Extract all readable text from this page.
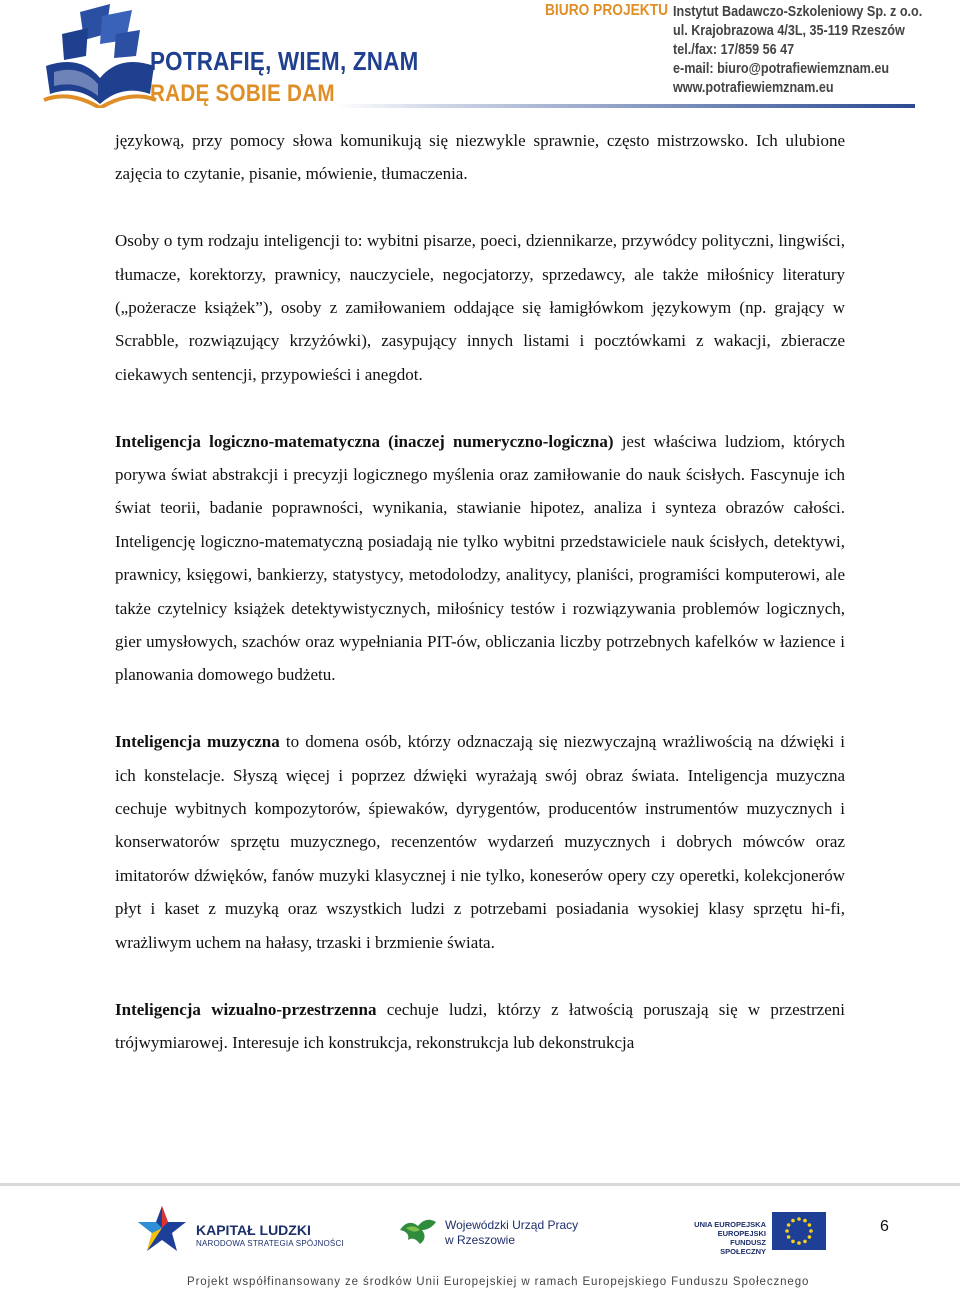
POTRAFIĘ, WIEM, ZNAM
RADĘ SOBIE DAM
BIURO PROJEKTU Instytut Badawczo-Szkoleniowy Sp. z o.o.
ul. Krajobrazowa 4/3L, 35-119 Rzeszów
tel./fax: 17/859 56 47
e-mail: biuro@potrafiewiemznam.eu
www.potrafiewiemznam.eu

językową, przy pomocy słowa komunikują się niezwykle sprawnie, często mistrzowsko. Ich ulubione zajęcia to czytanie, pisanie, mówienie, tłumaczenia.

Osoby o tym rodzaju inteligencji to: wybitni pisarze, poeci, dziennikarze, przywódcy polityczni, lingwiści, tłumacze, korektorzy, prawnicy, nauczyciele, negocjatorzy, sprzedawcy, ale także miłośnicy literatury („pożeracze książek”), osoby z zamiłowaniem oddające się łamigłówkom językowym (np. grający w Scrabble, rozwiązujący krzyżówki), zasypujący innych listami i pocztówkami z wakacji, zbieracze ciekawych sentencji, przypowieści i anegdot.

Inteligencja logiczno-matematyczna (inaczej numeryczno-logiczna) jest właściwa ludziom, których porywa świat abstrakcji i precyzji logicznego myślenia oraz zamiłowanie do nauk ścisłych. Fascynuje ich świat teorii, badanie poprawności, wynikania, stawianie hipotez, analiza i synteza obrazów całości. Inteligencję logiczno-matematyczną posiadają nie tylko wybitni przedstawiciele nauk ścisłych, detektywi, prawnicy, księgowi, bankierzy, statystycy, metodolodzy, analitycy, planiści, programiści komputerowi, ale także czytelnicy książek detektywistycznych, miłośnicy testów i rozwiązywania problemów logicznych, gier umysłowych, szachów oraz wypełniania PIT-ów, obliczania liczby potrzebnych kafelków w łazience i planowania domowego budżetu.

Inteligencja muzyczna to domena osób, którzy odznaczają się niezwyczajną wrażliwością na dźwięki i ich konstelacje. Słyszą więcej i poprzez dźwięki wyrażają swój obraz świata. Inteligencja muzyczna cechuje wybitnych kompozytorów, śpiewaków, dyrygentów, producentów instrumentów muzycznych i konserwatorów sprzętu muzycznego, recenzentów wydarzeń muzycznych i dobrych mówców oraz imitatorów dźwięków, fanów muzyki klasycznej i nie tylko, koneserów opery czy operetki, kolekcjonerów płyt i kaset z muzyką oraz wszystkich ludzi z potrzebami posiadania wysokiej klasy sprzętu hi-fi, wrażliwym uchem na hałasy, trzaski i brzmienie świata.

Inteligencja wizualno-przestrzenna cechuje ludzi, którzy z łatwością poruszają się w przestrzeni trójwymiarowej. Interesuje ich konstrukcja, rekonstrukcja lub dekonstrukcja

KAPITAŁ LUDZKI
NARODOWA STRATEGIA SPÓJNOŚCI
Wojewódzki Urząd Pracy
w Rzeszowie
UNIA EUROPEJSKA
EUROPEJSKI
FUNDUSZ SPOŁECZNY
6
Projekt współfinansowany ze środków Unii Europejskiej w ramach Europejskiego Funduszu Społecznego
